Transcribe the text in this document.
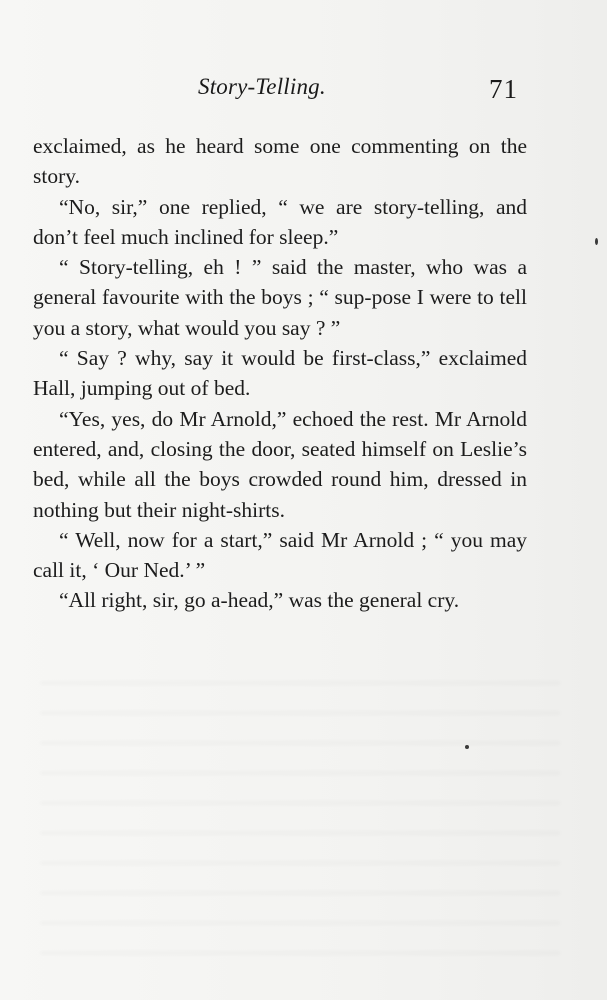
Story-Telling.	71

exclaimed, as he heard some one commenting on the story.

“No, sir,” one replied, “ we are story-telling, and don’t feel much inclined for sleep.”

“ Story-telling, eh ! ” said the master, who was a general favourite with the boys ; “ sup-pose I were to tell you a story, what would you say ? ”

“ Say ? why, say it would be first-class,” exclaimed Hall, jumping out of bed.

“Yes, yes, do Mr Arnold,” echoed the rest. Mr Arnold entered, and, closing the door, seated himself on Leslie’s bed, while all the boys crowded round him, dressed in nothing but their night-shirts.

“ Well, now for a start,” said Mr Arnold ; “ you may call it, ‘ Our Ned.’ ”

“All right, sir, go a-head,” was the general cry.
